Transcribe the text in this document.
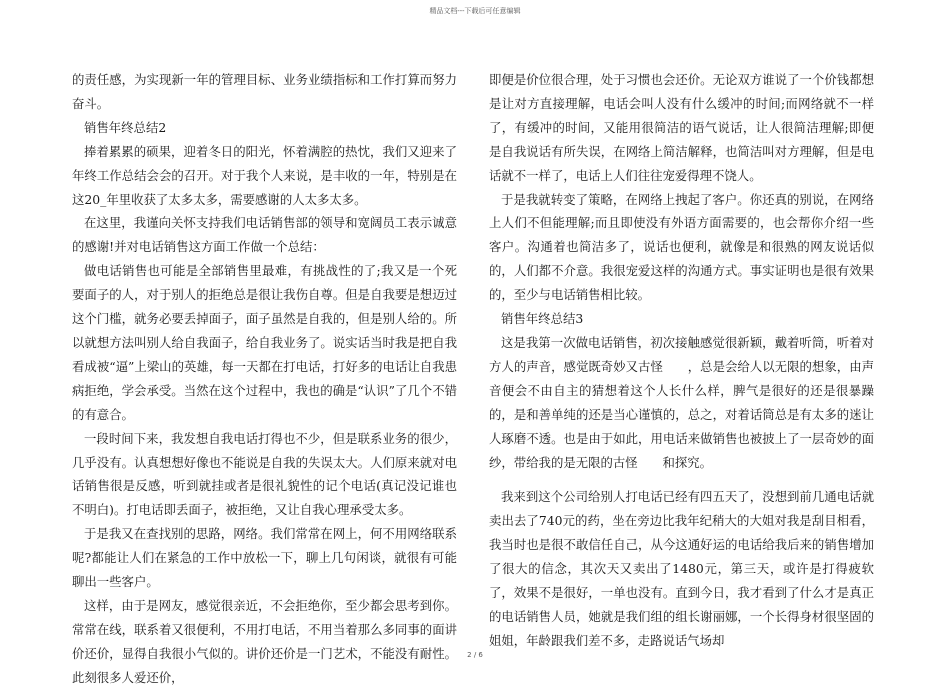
精品文档---下载后可任意编辑

的责任感，为实现新一年的管理目标、业务业绩指标和工作打算而努力奋斗。

销售年终总结2

捧着累累的硕果，迎着冬日的阳光，怀着满腔的热忱，我们又迎来了年终工作总结会会的召开。对于我个人来说，是丰收的一年，特别是在这20_年里收获了太多太多，需要感谢的人太多太多。

在这里，我谨向关怀支持我们电话销售部的领导和宽阔员工表示诚意的感谢!并对电话销售这方面工作做一个总结：

做电话销售也可能是全部销售里最难，有挑战性的了;我又是一个死要面子的人，对于别人的拒绝总是很让我伤自尊。但是自我要是想迈过这个门槛，就务必要丢掉面子，面子虽然是自我的，但是别人给的。所以就想方法叫别人给自我面子，给自我业务了。说实话当时我是把自我看成被“逼”上梁山的英雄，每一天都在打电话，打好多的电话让自我患病拒绝，学会承受。当然在这个过程中，我也的确是“认识”了几个不错的有意合。

一段时间下来，我发想自我电话打得也不少，但是联系业务的很少，几乎没有。认真想想好像也不能说是自我的失误太大。人们原来就对电话销售很是反感，听到就挂或者是很礼貌性的记个电话(真记没记谁也不明白)。打电话即丢面子，被拒绝，又让自我心理承受太多。

于是我又在查找别的思路，网络。我们常常在网上，何不用网络联系呢?都能让人们在紧急的工作中放松一下，聊上几句闲谈，就很有可能聊出一些客户。

这样，由于是网友，感觉很亲近，不会拒绝你，至少都会思考到你。常常在线，联系着又很便利，不用打电话，不用当着那么多同事的面讲价还价，显得自我很小气似的。讲价还价是一门艺术，不能没有耐性。此刻很多人爱还价，

即便是价位很合理，处于习惯也会还价。无论双方谁说了一个价钱都想是让对方直接理解，电话会叫人没有什么缓冲的时间;而网络就不一样了，有缓冲的时间，又能用很简洁的语气说话，让人很简洁理解;即便是自我说话有所失误，在网络上简洁解释，也简洁叫对方理解，但是电话就不一样了，电话上人们往往宠爱得理不饶人。

于是我就转变了策略，在网络上拽起了客户。你还真的别说，在网络上人们不但能理解;而且即使没有外语方面需要的，也会帮你介绍一些客户。沟通着也简洁多了，说话也便利，就像是和很熟的网友说话似的，人们都不介意。我很宠爱这样的沟通方式。事实证明也是很有效果的，至少与电话销售相比较。

销售年终总结3

这是我第一次做电话销售，初次接触感觉很新颖，戴着听筒，听着对方人的声音，感觉既奇妙又古怪　　，总是会给人以无限的想象，由声音便会不由自主的猜想着这个人长什么样，脾气是很好的还是很暴躁的，是和善单纯的还是当心谨慎的，总之，对着话筒总是有太多的迷让人琢磨不透。也是由于如此，用电话来做销售也被披上了一层奇妙的面纱，带给我的是无限的古怪　　和探究。

我来到这个公司给别人打电话已经有四五天了，没想到前几通电话就卖出去了740元的药，坐在旁边比我年纪稍大的大姐对我是刮目相看，我当时也是很不敢信任自己，从今这通好运的电话给我后来的销售增加了很大的信念，其次天又卖出了1480元，第三天，或许是打得疲软了，效果不是很好，一单也没有。直到今日，我才看到了什么才是真正的电话销售人员，她就是我们组的组长谢丽娜，一个长得身材很坚固的姐姐，年龄跟我们差不多，走路说话气场却

2 / 6
